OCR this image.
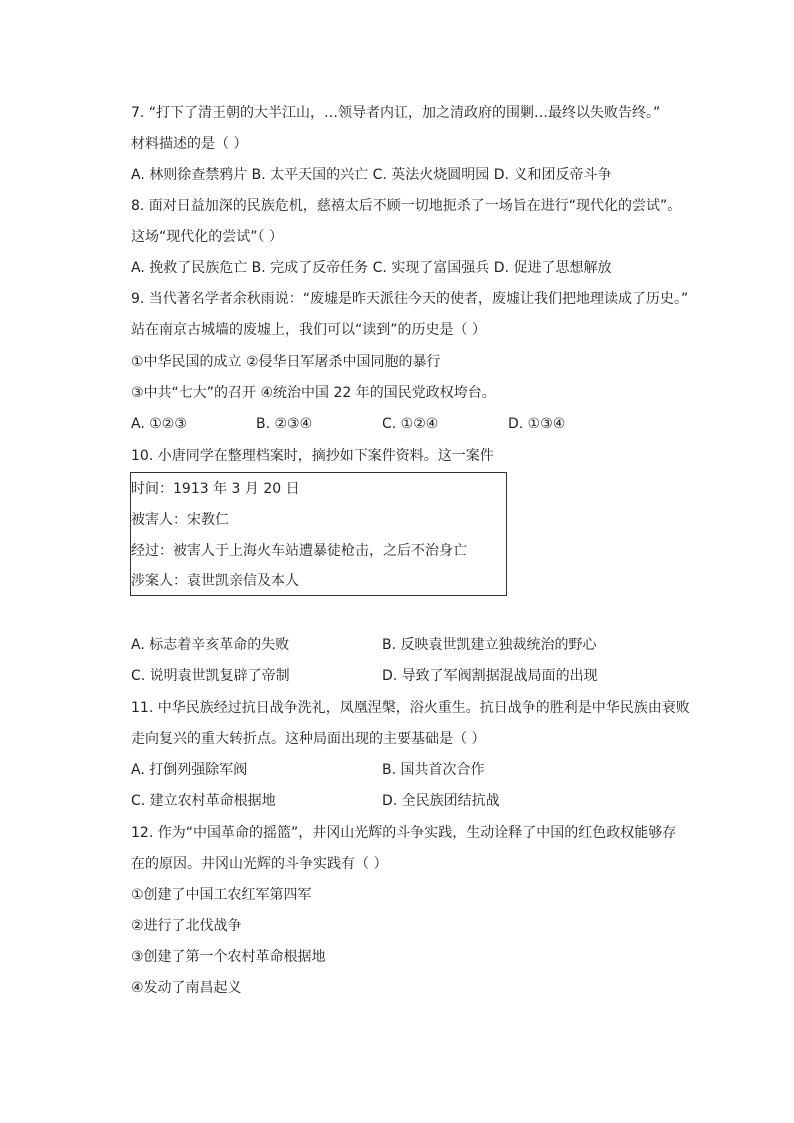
7. “打下了清王朝的大半江山，…领导者内讧，加之清政府的围剿…最终以失败告终。”
材料描述的是（ ）
A. 林则徐查禁鸦片 B. 太平天国的兴亡 C. 英法火烧圆明园 D. 义和团反帝斗争
8. 面对日益加深的民族危机，慈禧太后不顾一切地扼杀了一场旨在进行“现代化的尝试”。
这场“现代化的尝试”（ ）
A. 挽救了民族危亡 B. 完成了反帝任务 C. 实现了富国强兵 D. 促进了思想解放
9. 当代著名学者余秋雨说：“废墟是昨天派往今天的使者，废墟让我们把地理读成了历史。”
站在南京古城墙的废墟上，我们可以“读到”的历史是（ ）
①中华民国的成立 ②侵华日军屠杀中国同胞的暴行
③中共“七大”的召开 ④统治中国 22 年的国民党政权垮台。
A. ①②③	B. ②③④	C. ①②④	D. ①③④
10. 小唐同学在整理档案时，摘抄如下案件资料。这一案件
时间：1913 年 3 月 20 日
被害人：宋教仁
经过：被害人于上海火车站遭暴徒枪击，之后不治身亡
涉案人：袁世凯亲信及本人
A. 标志着辛亥革命的失败	B. 反映袁世凯建立独裁统治的野心
C. 说明袁世凯复辟了帝制	D. 导致了军阀割据混战局面的出现
11. 中华民族经过抗日战争洗礼，凤凰涅槃，浴火重生。抗日战争的胜利是中华民族由衰败
走向复兴的重大转折点。这种局面出现的主要基础是（ ）
A. 打倒列强除军阀	B. 国共首次合作
C. 建立农村革命根据地	D. 全民族团结抗战
12. 作为“中国革命的摇篮”，井冈山光辉的斗争实践，生动诠释了中国的红色政权能够存
在的原因。井冈山光辉的斗争实践有（ ）
①创建了中国工农红军第四军
②进行了北伐战争
③创建了第一个农村革命根据地
④发动了南昌起义
